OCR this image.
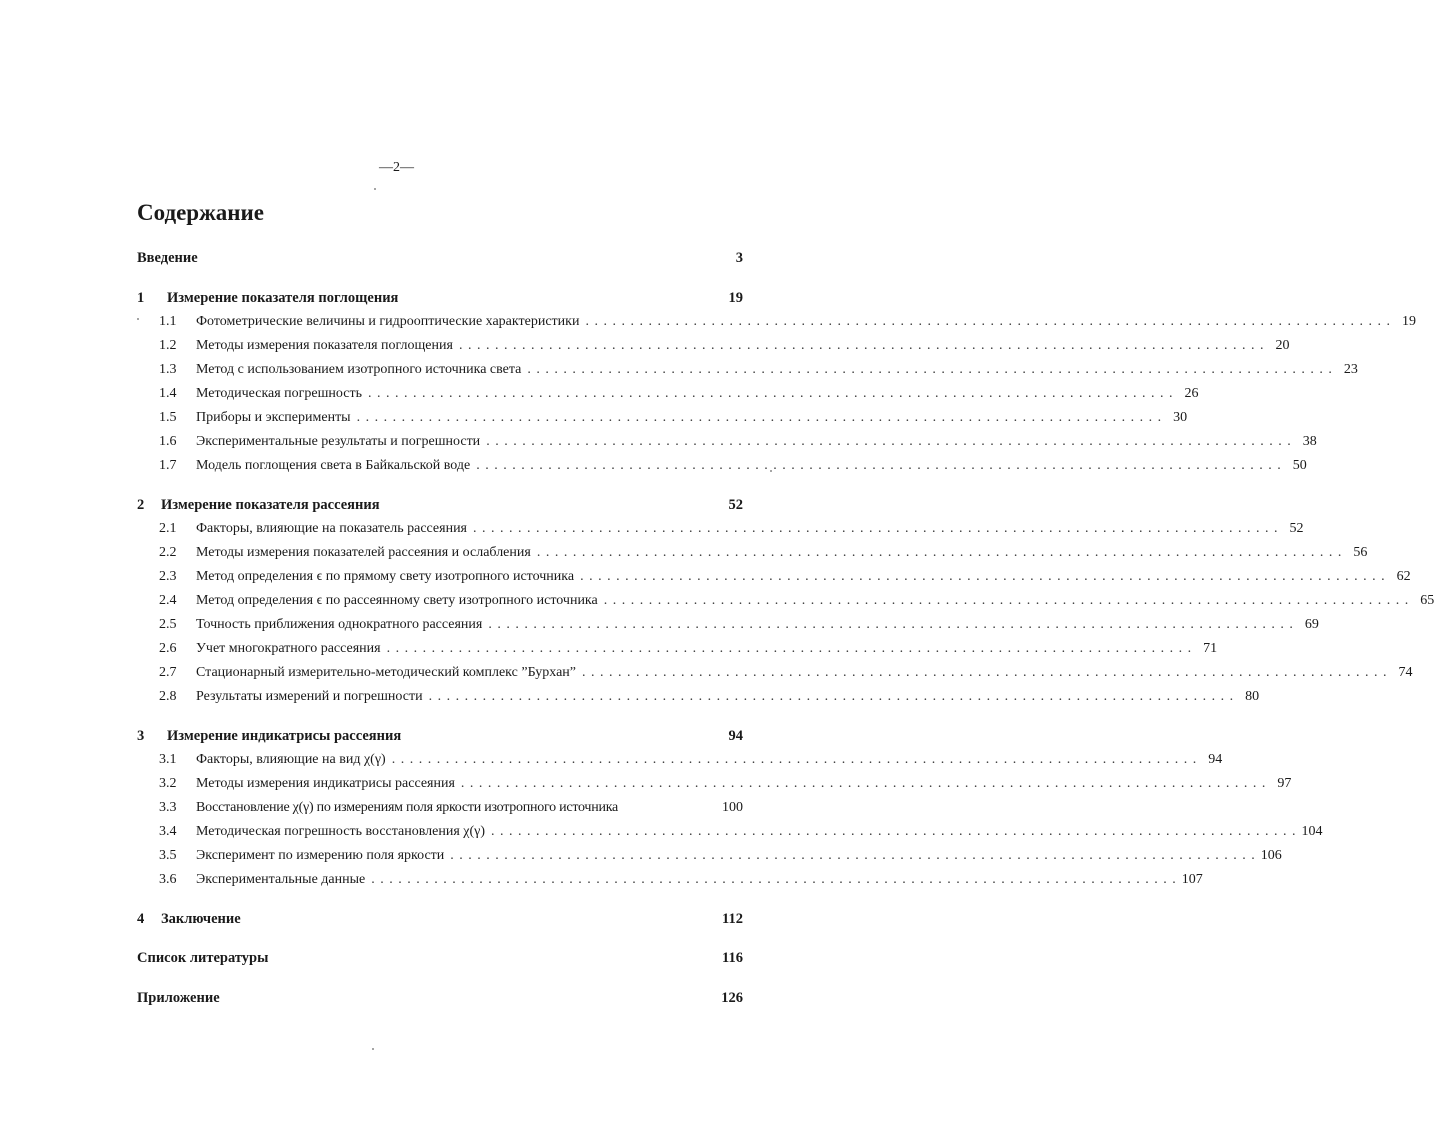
—2—
Содержание
Введение	3
1	Измерение показателя поглощения	19
1.1	Фотометрические величины и гидрооптические характеристики . . .	19
1.2	Методы измерения показателя поглощения . . .	20
1.3	Метод с использованием изотропного источника света . . .	23
1.4	Методическая погрешность . . .	26
1.5	Приборы и эксперименты . . .	30
1.6	Экспериментальные результаты и погрешности . . .	38
1.7	Модель поглощения света в Байкальской воде . . .	50
2	Измерение показателя рассеяния	52
2.1	Факторы, влияющие на показатель рассеяния . . .	52
2.2	Методы измерения показателей рассеяния и ослабления . . .	56
2.3	Метод определения ϵ по прямому свету изотропного источника . . .	62
2.4	Метод определения ϵ по рассеянному свету изотропного источника . . .	65
2.5	Точность приближения однократного рассеяния . . .	69
2.6	Учет многократного рассеяния . . .	71
2.7	Стационарный измерительно-методический комплекс ”Бурхан” . . .	74
2.8	Результаты измерений и погрешности . . .	80
3	Измерение индикатрисы рассеяния	94
3.1	Факторы, влияющие на вид χ(γ) . . .	94
3.2	Методы измерения индикатрисы рассеяния . . .	97
3.3	Восстановление χ(γ) по измерениям поля яркости изотропного источника	100
3.4	Методическая погрешность восстановления χ(γ) . . .	104
3.5	Эксперимент по измерению поля яркости . . .	106
3.6	Экспериментальные данные . . .	107
4	Заключение	112
Список литературы	116
Приложение	126
